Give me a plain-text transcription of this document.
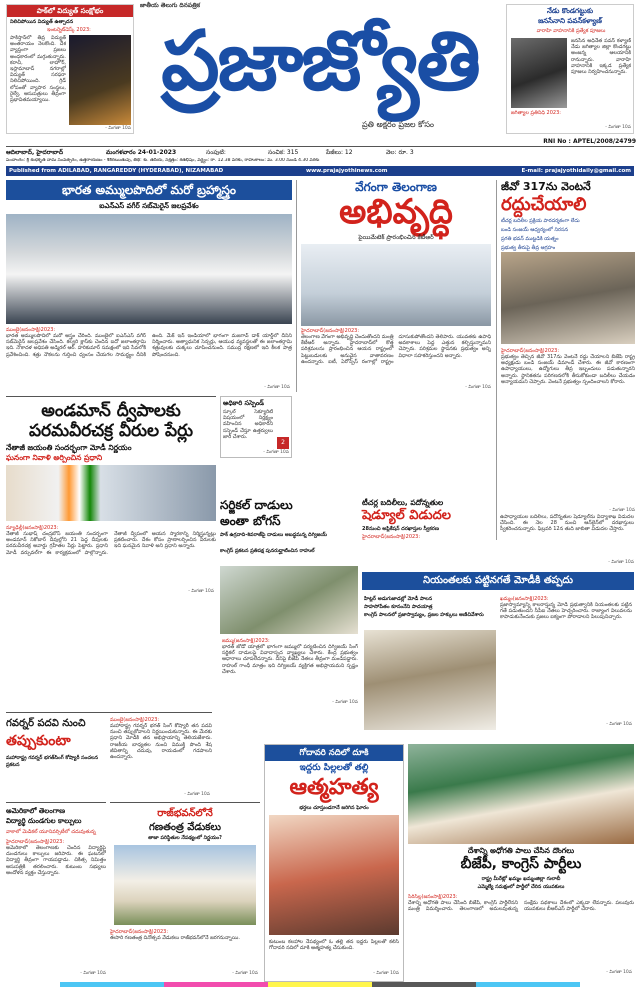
పాక్‌లో విద్యుత్ సంక్షోభం
నిలిచిపోయిన విద్యుత్ ఉత్పాదన
ఇంటర్నెట్‌డెస్క్ 2023:
పాకిస్తాన్‌లో తీవ్ర విద్యుత్ అంతరాయం నెలకొంది. దేశ వ్యాప్తంగా ప్రజలు అంధకారంలో మగ్గుతున్నారు. కరాచీ, లాహోర్, ఇస్లామాబాద్ నగరాల్లో విద్యుత్ సరఫరా నిలిచిపోయింది. గ్రిడ్ లోపంతో వ్యాపార సంస్థలు, రైల్వే, ఆసుపత్రులు తీవ్రంగా ప్రభావితమయ్యాయి.
- మిగతా 10వ
జాతీయ తెలుగు దినపత్రిక
ప్రజాజ్యోతి
ప్రతి అక్షరం ప్రజల కోసం
నేడు కొండగట్టుకు
జనసేనాని పవన్‌కళ్యాణ్
వారాహి వాహనానికి ప్రత్యేక పూజలు
జగిత్యాల ప్రతినిధి 2023:
జనసేన అధినేత పవన్ కళ్యాణ్ నేడు జగిత్యాల జిల్లా కొండగట్టు అంజన్న ఆలయానికి రానున్నారు. వారాహి వాహనానికి ఇక్కడ ప్రత్యేక పూజలు నిర్వహించనున్నారు.
- మిగతా 10వ
RNI No : APTEL/2008/24799
ఆదిలాబాద్, హైదరాబాద్	మంగళవారం 24-01-2023	సంపుటి:	సంచిక: 315	పేజీలు: 12	వెల: రూ. 3
పంచాంగం: శ్రీ శుభకృత్ నామ సంవత్సరం, ఉత్తరాయణం - శిశిరఋతువు, తిథి: శు. తదియ, నక్షత్రం: శతభిషం, వర్జ్యం: రా. 12.38 వరకు, రాహుకాలం: మ. 3.00 నుండి 4.30 వరకు
Published from ADILABAD, RANGAREDDY (HYDERABAD), NIZAMABAD	www.prajajyothinews.com	E-mail: prajajyothidaily@gmail.com
భారత అమ్ములపొదిలో మరో బ్రహ్మాస్త్రం
ఐఎన్ఎస్ వగీర్ సబ్‌మెరైన్ జలప్రవేశం
ముంబై(జనంసాక్షి)2023:
భారత అమ్ములపొదిలో మరో అస్త్రం చేరింది. ముంబైలో ఐఎన్ఎస్ వగీర్ సబ్‌మెరైన్ జలప్రవేశం చేసింది. కల్వరి క్లాస్‌కు చెందిన ఐదో జలాంతర్గామి ఇది. నౌకాదళ అధిపతి అడ్మిరల్ ఆర్. హరికుమార్ సమక్షంలో ఇది సేవలోకి ప్రవేశించింది. శత్రు నౌకలను గుర్తించి ధ్వంసం చేయగల సామర్థ్యం దీనికి ఉంది. మేక్ ఇన్ ఇండియాలో భాగంగా మజగావ్ డాక్ యార్డ్‌లో దీనిని నిర్మించారు. అత్యాధునిక సెన్సర్లు, ఆయుధ వ్యవస్థలతో ఈ జలాంతర్గామి శత్రువులకు చుక్కలు చూపించనుంది. సముద్ర రక్షణలో ఇది కీలక పాత్ర పోషించనుంది.
- మిగతా 10వ
వేగంగా తెలంగాణ
అభివృద్ధి
పైయిమేటెక్ ప్రారంభించిన కేటీఆర్
హైదరాబాద్(జనంసాక్షి)2023:
తెలంగాణ వేగంగా అభివృద్ధి చెందుతోందని మంత్రి కేటీఆర్ అన్నారు. హైదరాబాద్‌లో కొత్త పరిశ్రమలను ప్రారంభించిన ఆయన రాష్ట్రంలో పెట్టుబడులకు అనువైన వాతావరణం ఉందన్నారు. ఐటీ, ఏరోస్పేస్ రంగాల్లో రాష్ట్రం దూసుకుపోతోందని తెలిపారు. యువతకు ఉపాధి అవకాశాలు పెద్ద ఎత్తున కల్పిస్తున్నామని చెప్పారు. పరిశ్రమల స్థాపనకు ప్రభుత్వం అన్ని విధాలా సహకరిస్తుందని అన్నారు.
- మిగతా 10వ
జీవో 317ను వెంటనే
రద్దుచేయాలి
టీచర్ల బదిలీల ప్రక్రియ పారదర్శకంగా లేదు
బండి సంజయ్ ఆధ్వర్యంలో నిరసన
ప్రగతి భవన్ ముట్టడికి యత్నం
ప్రభుత్వ తీరుపై తీవ్ర ఆగ్రహం
హైదరాబాద్(జనంసాక్షి)2023:
ప్రభుత్వం తెచ్చిన జీవో 317ను వెంటనే రద్దు చేయాలని బీజేపీ రాష్ట్ర అధ్యక్షుడు బండి సంజయ్ డిమాండ్ చేశారు. ఈ జీవో కారణంగా ఉపాధ్యాయులు, ఉద్యోగులు తీవ్ర ఇబ్బందులు పడుతున్నారని అన్నారు. స్థానికతను పరిగణనలోకి తీసుకోకుండా బదిలీలు చేయడం అన్యాయమని చెప్పారు. వెంటనే ప్రభుత్వం స్పందించాలని కోరారు.
- మిగతా 10వ
అండమాన్ ద్వీపాలకు
పరమవీరచక్ర వీరుల పేర్లు
నేతాజీ జయంతి సందర్భంగా మోడీ నిర్ణయం
ఘనంగా నివాళి అర్పించిన ప్రధాని
న్యూఢిల్లీ(జనంసాక్షి)2023:
నేతాజీ సుభాష్ చంద్రబోస్ జయంతి సందర్భంగా అండమాన్ నికోబార్ దీవుల్లోని 21 పెద్ద దీవులకు పరమవీరచక్ర అవార్డు గ్రహీతల పేర్లు పెట్టారు. ప్రధాని మోడీ వర్చువల్‌గా ఈ కార్యక్రమంలో పాల్గొన్నారు. నేతాజీ ద్వీపంలో ఆయన స్మారకాన్ని నిర్మిస్తున్నట్లు ప్రకటించారు. దేశం కోసం ప్రాణాలర్పించిన వీరులకు ఇది ఘనమైన నివాళి అని ప్రధాని అన్నారు.
- మిగతా 10వ
అధికారి సస్పెండ్
స్కూల్ సెక్యూరిటీ విషయంలో నిర్లక్ష్యం వహించిన అధికారిని సస్పెండ్ చేస్తూ ఉత్తర్వులు జారీ చేశారు.
2
- మిగతా 10వ
సర్జికల్ దాడులు
అంతా బోగస్
పాక్ ఉగ్రవాది-శివరాజ్‌పై దాడులు అబద్ధమన్న దిగ్విజయ్
కాంగ్రెస్ ప్రకటన ప్రతిపక్ష పునరుద్ఘాటించిన రాహుల్
టీచర్ల బదిలీలు, పదోన్నతుల
షెడ్యూల్ విడుదల
28నుంచి అప్లికేషన్ దరఖాస్తుల స్వీకరణ
హైదరాబాద్(జనంసాక్షి)2023:
ఉపాధ్యాయుల బదిలీలు, పదోన్నతుల షెడ్యూల్‌ను విద్యాశాఖ విడుదల చేసింది. ఈ నెల 28 నుంచి ఆన్‌లైన్‌లో దరఖాస్తులు స్వీకరించనున్నారు. ఫిబ్రవరి 12న తుది జాబితా విడుదల చేస్తారు.
- మిగతా 10వ
నియంతలకు పట్టినగతే మోడీకి తప్పదు
జమ్ము(జనంసాక్షి)2023:
భారత్ జోడో యాత్రలో భాగంగా జమ్ములో పర్యటించిన దిగ్విజయ్ సింగ్ సర్జికల్ దాడులపై వివాదాస్పద వ్యాఖ్యలు చేశారు. కేంద్ర ప్రభుత్వం ఆధారాలు చూపలేదన్నారు. దీనిపై బీజేపీ నేతలు తీవ్రంగా మండిపడ్డారు. రాహుల్ గాంధీ మాత్రం ఇది దిగ్విజయ్ వ్యక్తిగత అభిప్రాయమని స్పష్టం చేశారు.
- మిగతా 10వ
హిట్లర్ అడుగుజాడల్లో మోడీ పాలన
సాహసోపేతం కూనంనేని పాదయాత్ర
కాంగ్రెస్ పాలనలో ప్రజాస్వామ్యం, ప్రజల హక్కులు అణిచివేశారు
ఖమ్మం(జనంసాక్షి)2023:
ప్రజాస్వామ్యాన్ని కాలరాస్తున్న మోడీ ప్రభుత్వానికి నియంతలకు పట్టిన గతే పడుతుందని సీపీఐ నేతలు హెచ్చరించారు. రాజ్యాంగ విలువలను కాపాడుకునేందుకు ప్రజలు ఐక్యంగా పోరాడాలని పిలుపునిచ్చారు.
- మిగతా 10వ
గవర్నర్ పదవి నుంచి
తప్పుకుంటా
మహారాష్ట్ర గవర్నర్ భగత్‌సింగ్ కోష్యారీ సంచలన ప్రకటన
ముంబై(జనంసాక్షి)2023:
మహారాష్ట్ర గవర్నర్ భగత్ సింగ్ కోష్యారీ తన పదవి నుంచి తప్పుకోవాలని నిర్ణయించుకున్నారు. ఈ మేరకు ప్రధాని మోడీకి తన అభిప్రాయాన్ని తెలియజేశారు. రాజకీయ బాధ్యతల నుంచి విముక్తి పొంది శేష జీవితాన్ని చదువు, రాయడంలో గడపాలని ఉందన్నారు.
- మిగతా 10వ
అమెరికాలో తెలంగాణ
విద్యార్థి దుండగుల కాల్పులు
వాకాలో మెడికల్ యూనివర్సిటీలో చదువుతున్న
హైదరాబాద్(జనంసాక్షి)2023:
అమెరికాలో తెలంగాణకు చెందిన విద్యార్థిపై దుండగులు కాల్పులు జరిపారు. ఈ ఘటనలో విద్యార్థి తీవ్రంగా గాయపడ్డాడు. చికిత్స నిమిత్తం ఆసుపత్రికి తరలించారు. కుటుంబ సభ్యులు ఆందోళన వ్యక్తం చేస్తున్నారు.
- మిగతా 10వ
రాజ్‌భవన్‌లోనే
గణతంత్ర వేడుకలు
తాజా పరిస్థితుల నేపథ్యంలో నిర్ణయం?
హైదరాబాద్(జనంసాక్షి)2023:
ఈసారి గణతంత్ర దినోత్సవ వేడుకలు రాజ్‌భవన్‌లోనే జరగనున్నాయి.
- మిగతా 10వ
గోదావరి నదిలో దూకి
ఇద్దరు పిల్లలతో తల్లి
ఆత్మహత్య
భర్తలు చూస్తుండగానే జరిగిన ఘోరం
కుటుంబ కలహాల నేపథ్యంలో ఓ తల్లి తన ఇద్దరు పిల్లలతో కలిసి గోదావరి నదిలో దూకి ఆత్మహత్య చేసుకుంది.
- మిగతా 10వ
దేశాన్ని అధోగతి పాలు చేసిన దొంగలు
బీజేపీ, కాంగ్రెస్ పార్టీలు
రాష్ట్ర మీరేట్లో ఖమ్మం ఖమ్మంజిల్లా గులాబీ
ఎమ్మెల్యే సమక్షంలో పార్టీలో చేరిన యువకులు
సిరిసిల్ల(జనంసాక్షి)2023:
దేశాన్ని అధోగతి పాలు చేసింది బీజేపీ, కాంగ్రెస్ పార్టీలేనని మంత్రి విమర్శించారు. తెలంగాణలో అమలవుతున్న సంక్షేమ పథకాలు దేశంలో ఎక్కడా లేవన్నారు. పలువురు యువకులు బీఆర్ఎస్ పార్టీలో చేరారు.
- మిగతా 10వ
